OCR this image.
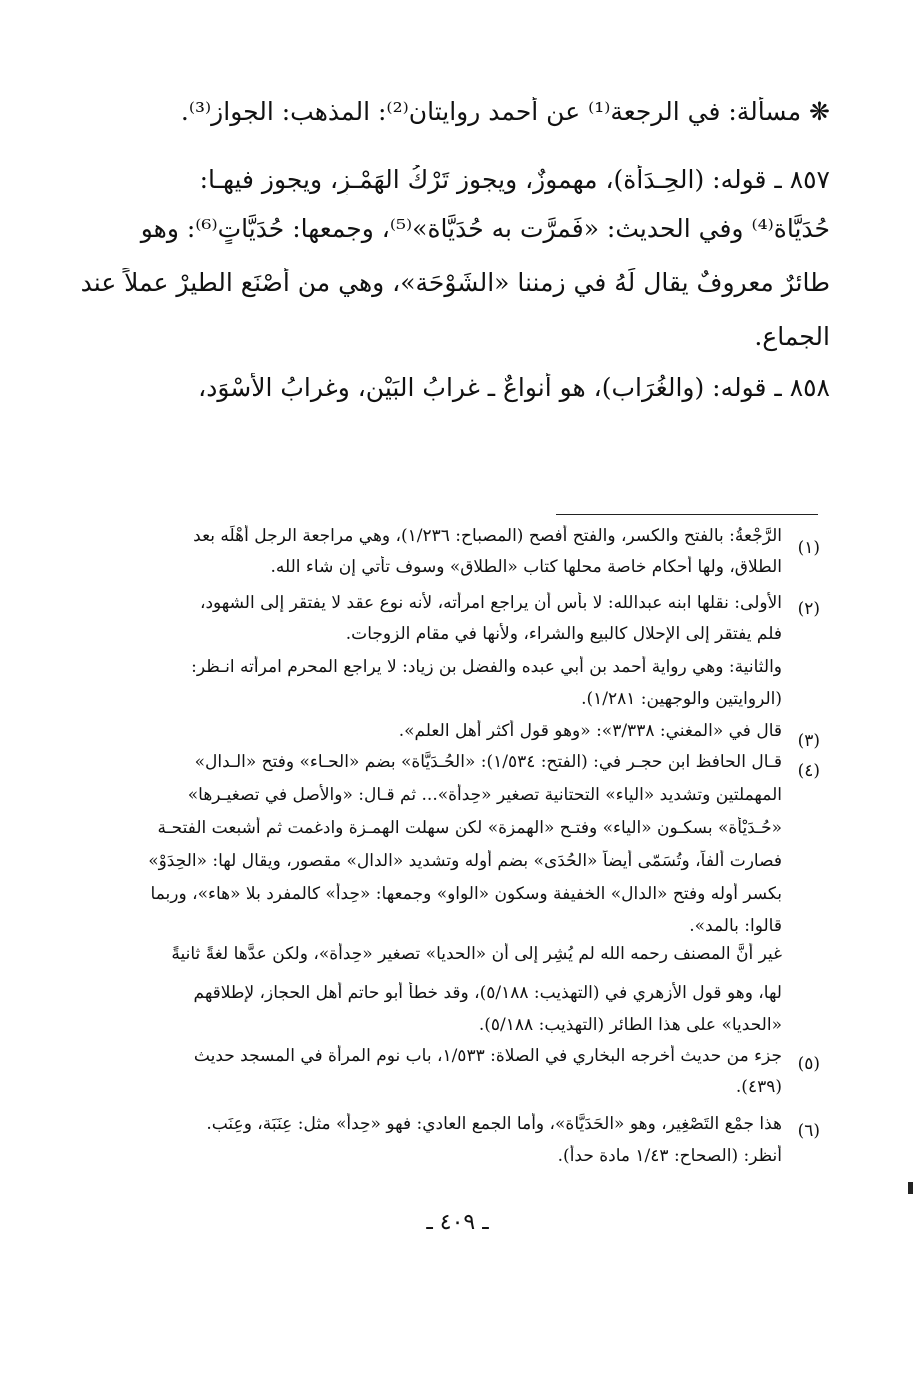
❋ مسألة: في الرجعة⁽¹⁾ عن أحمد روايتان⁽²⁾: المذهب: الجواز⁽³⁾.
٨٥٧ ـ قوله: (الحِـدَأة)، مهموزٌ، ويجوز تَرْكُ الهَمْـزِ، ويجوز فيهـا:
حُدَيَّاة⁽⁴⁾ وفي الحديث: «فَمرَّت به حُدَيَّاة»⁽⁵⁾، وجمعها: حُدَيَّاتٍ⁽⁶⁾: وهو
طائرٌ معروفٌ يقال لَهُ في زمننا «الشَوْحَة»، وهي من أَصْنَع الطيرْ عملاً عند
الجماع.
٨٥٨ ـ قوله: (والغُرَاب)، هو أنواعٌ ـ غرابُ البَيْن، وغرابُ الأَسْوَد،
(١)
الرَّجْعةُ: بالفتح والكسر، والفتح أفصح (المصباح: ١/٢٣٦)، وهي مراجعة الرجل أَهْلَه بعد
الطلاق، ولها أحكام خاصة محلها كتاب «الطلاق» وسوف تأتي إن شاء الله.
(٢)
الأولى: نقلها ابنه عبدالله: لا بأس أن يراجع امرأته، لأنه نوع عقد لا يفتقر إلى الشهود،
فلم يفتقر إلى الإحلال كالبيع والشراء، ولأنها في مقام الزوجات.
والثانية: وهي رواية أحمد بن أبي عبده والفضل بن زياد: لا يراجع المحرم امرأته انـظر:
(الروايتين والوجهين: ١/٢٨١).
(٣)
قال في «المغني: ٣/٣٣٨»: «وهو قول أكثر أهل العلم».
(٤)
قـال الحافظ ابن حجـر في: (الفتح: ١/٥٣٤): «الحُـدَيَّاة» بضم «الحـاء» وفتح «الـدال»
المهملتين وتشديد «الياء» التحتانية تصغير «حِدأة»... ثم قـال: «والأصل في تصغيـرها»
«حُـدَيْأة» بسكـون «الياء» وفتـح «الهمزة» لكن سهلت الهمـزة وادغمت ثم أشبعت الفتحـة
فصارت ألفاً، وتُسَمّى أيضاً «الحُدَى» بضم أوله وتشديد «الدال» مقصور، ويقال لها: «الحِدَوْ»
بكسر أوله وفتح «الدال» الخفيفة وسكون «الواو» وجمعها: «حِدأٌ» كالمفرد بلا «هاء»، وربما
قالوا: بالمد».
غير أنَّ المصنف رحمه الله لم يُشِر إلى أن «الحديا» تصغير «حِدأة»، ولكن عدَّها لغةً ثانيةً
لها، وهو قول الأزهري في (التهذيب: ٥/١٨٨)، وقد خطأ أبو حاتم أهل الحجاز، لإطلاقهم
«الحديا» على هذا الطائر (التهذيب: ٥/١٨٨).
(٥)
جزء من حديث أخرجه البخاري في الصلاة: ١/٥٣٣، باب نوم المرأة في المسجد حديث
(٤٣٩).
(٦)
هذا جمْع التَصْغِير، وهو «الحَدَيَّاة»، وأما الجمع العادي: فهو «حِدأٌ» مثل: عِنَبَة، وعِنَب.
أنظر: (الصحاح: ١/٤٣ مادة حدأ).
ـ ٤٠٩ ـ
